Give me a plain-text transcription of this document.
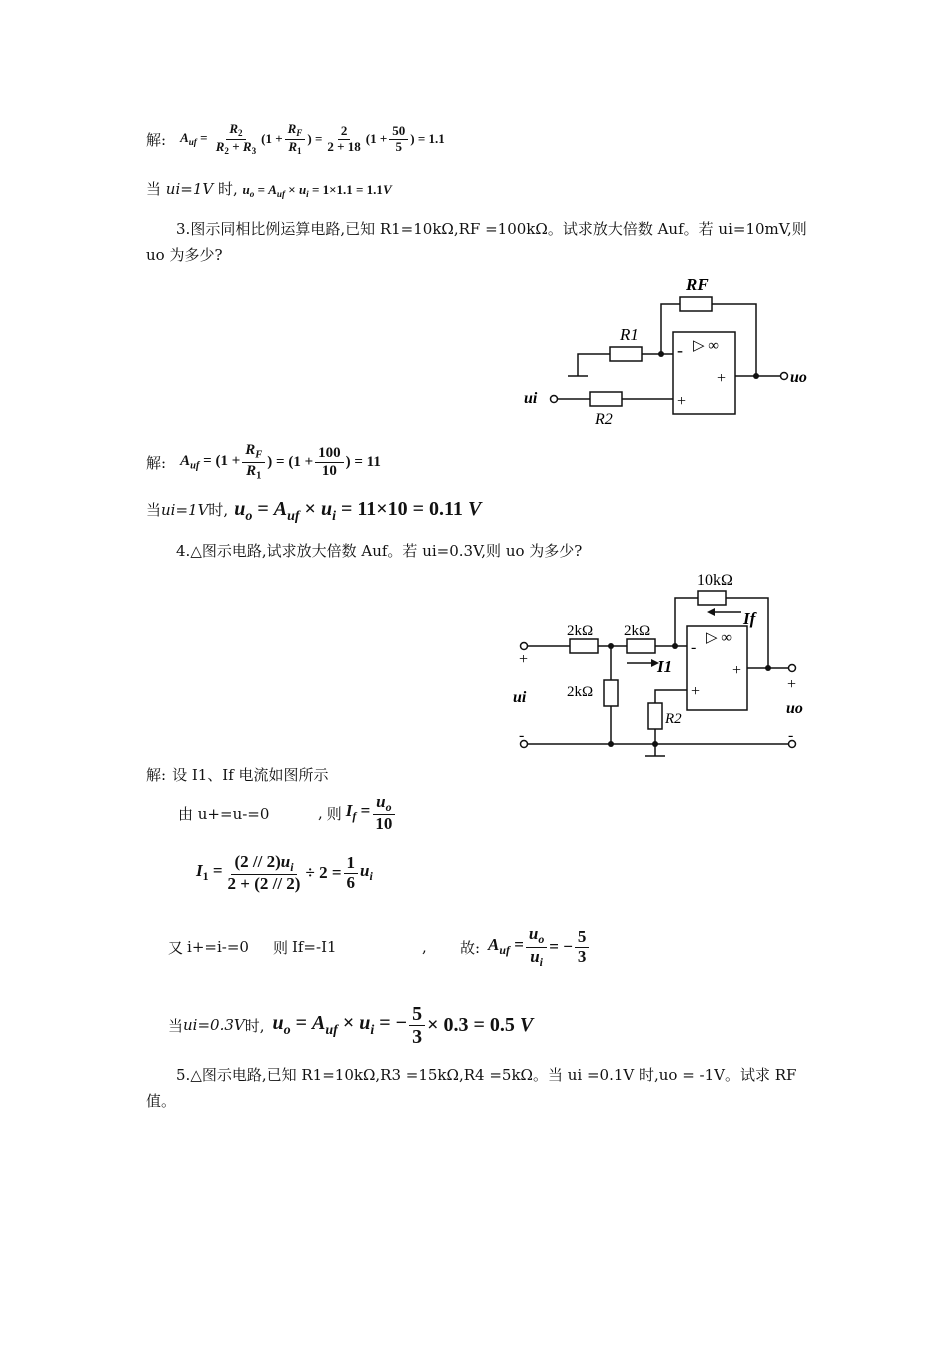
解: $A_{uf} = \frac{R_2}{R_2 + R_3} (1 + \frac{R_F}{R_1}$ ) = $\frac{2}{2 + 18} (1 + \frac{50}{5}$ ) = 1.1
当 ui=1V 时, $u_o = A_{uf} \times u_i = 1\times 1.1 = 1.1V$
3.图示同相比例运算电路,已知 R1=10kΩ,RF =100kΩ。试求放大倍数 Auf。若 ui=10mV,则 uo 为多少?
RF
R1
R2
ui
uo
-
+
+
▷ ∞
解: $A_{uf} = (1 + \frac{R_F}{R_1}$ ) = ($1 + \frac{100}{10}$ ) = 11
当 ui=1V 时, $u_o = A_{uf} \times u_i = 11\times 10 = 0.11$ V
4.△图示电路,试求放大倍数 Auf。若 ui=0.3V,则 uo 为多少?
10kΩ
2kΩ 2kΩ
2kΩ
R2
If
I1
ui
uo
+
-
+
-
-
+
+
▷ ∞
解: 设 I1、If 电流如图所示
由 u+=u-=0	, 则 $I_f = \frac{u_o}{10}$
$I_1 = \frac{(2 // 2)u_i}{2 + (2 // 2)} \div 2 = \frac{1}{6} u_i$
又 i+=i-=0 则 If=-I1	,	故: $A_{uf} = \frac{u_o}{u_i}$ = − $\frac{5}{3}$
当 ui=0.3V 时, $u_o = A_{uf} \times u_i$ = − $\frac{5}{3} \times 0.3 = 0.5$ V
5.△图示电路,已知 R1=10kΩ,R3 =15kΩ,R4 =5kΩ。当 ui =0.1V 时,uo = -1V。试求 RF 值。
